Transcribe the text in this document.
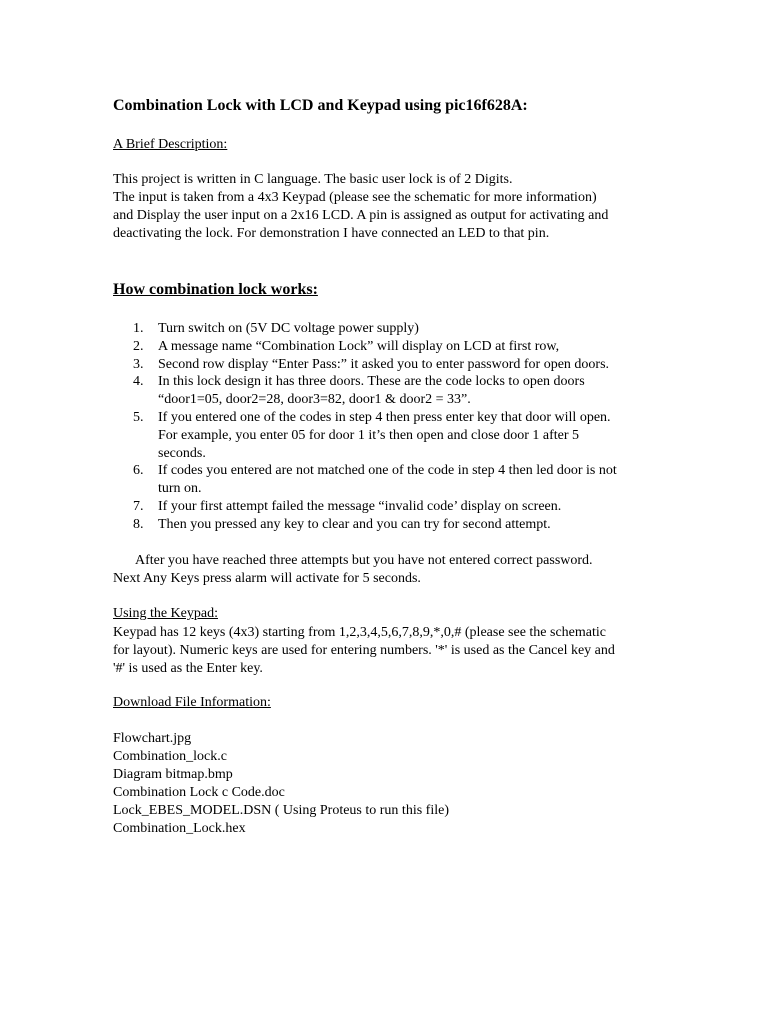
Combination Lock with LCD and Keypad using pic16f628A:
A Brief Description:
This project is written in C language. The basic user lock is of 2 Digits.
The input is taken from a 4x3 Keypad (please see the schematic for more information)
and Display the user input on a 2x16 LCD. A pin is assigned as output for activating and
deactivating the lock. For demonstration I have connected an LED to that pin.
How combination lock works:
1. Turn switch on (5V DC voltage power supply)
2. A message name “Combination Lock” will display on LCD at first row,
3. Second row display “Enter Pass:” it asked you to enter password for open doors.
4. In this lock design it has three doors. These are the code locks to open doors
“door1=05, door2=28, door3=82, door1 & door2 = 33”.
5. If you entered one of the codes in step 4 then press enter key that door will open.
For example, you enter 05 for door 1 it’s then open and close door 1 after 5
seconds.
6. If codes you entered are not matched one of the code in step 4 then led door is not
turn on.
7. If your first attempt failed the message “invalid code’ display on screen.
8. Then you pressed any key to clear and you can try for second attempt.
After you have reached three attempts but you have not entered correct password.
Next Any Keys press alarm will activate for 5 seconds.
Using the Keypad:
Keypad has 12 keys (4x3) starting from 1,2,3,4,5,6,7,8,9,*,0,# (please see the schematic
for layout). Numeric keys are used for entering numbers. '*' is used as the Cancel key and
'#' is used as the Enter key.
Download File Information:
Flowchart.jpg
Combination_lock.c
Diagram bitmap.bmp
Combination Lock c Code.doc
Lock_EBES_MODEL.DSN ( Using Proteus to run this file)
Combination_Lock.hex
